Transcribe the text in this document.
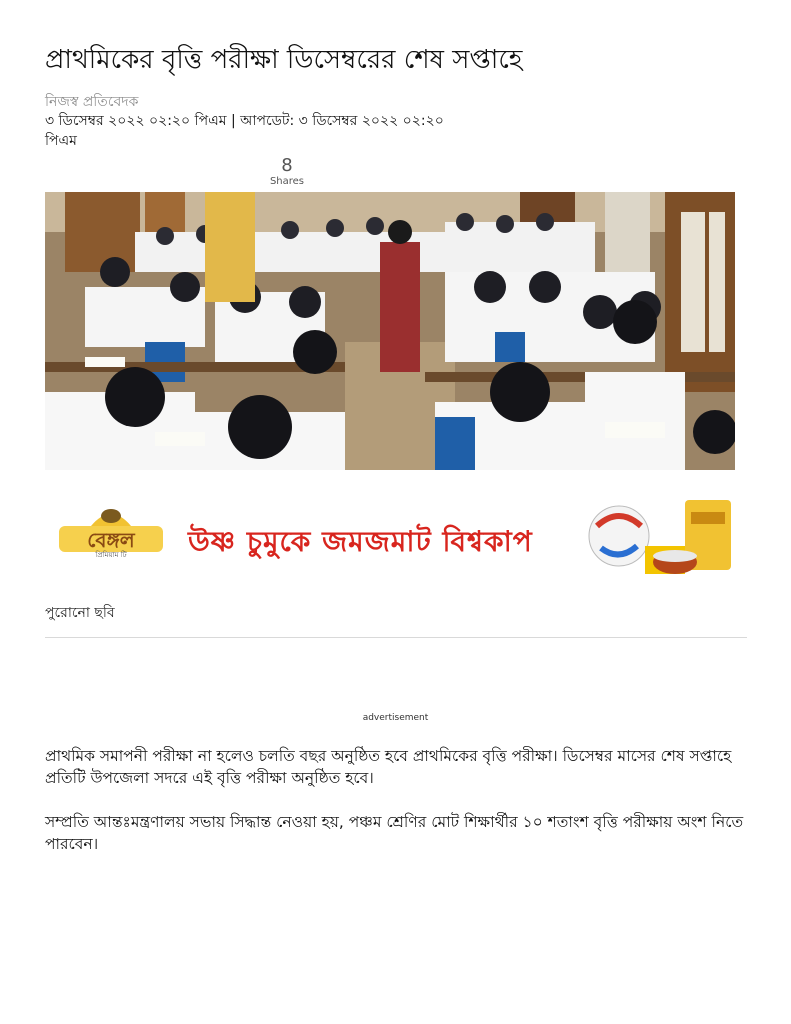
প্রাথমিকের বৃত্তি পরীক্ষা ডিসেম্বরের শেষ সপ্তাহে
নিজস্ব প্রতিবেদক
৩ ডিসেম্বর ২০২২ ০২:২০ পিএম | আপডেট: ৩ ডিসেম্বর ২০২২ ০২:২০ পিএম
8
Shares
বেঙ্গল
প্রিমিয়াম টি উষ্ণ চুমুকে জমজমাট বিশ্বকাপ
পুরোনো ছবি
advertisement

প্রাথমিক সমাপনী পরীক্ষা না হলেও চলতি বছর অনুষ্ঠিত হবে প্রাথমিকের বৃত্তি পরীক্ষা। ডিসেম্বর মাসের শেষ সপ্তাহে প্রতিটি উপজেলা সদরে এই বৃত্তি পরীক্ষা অনুষ্ঠিত হবে।

সম্প্রতি আন্তঃমন্ত্রণালয় সভায় সিদ্ধান্ত নেওয়া হয়, পঞ্চম শ্রেণির মোট শিক্ষার্থীর ১০ শতাংশ বৃত্তি পরীক্ষায় অংশ নিতে পারবেন।
